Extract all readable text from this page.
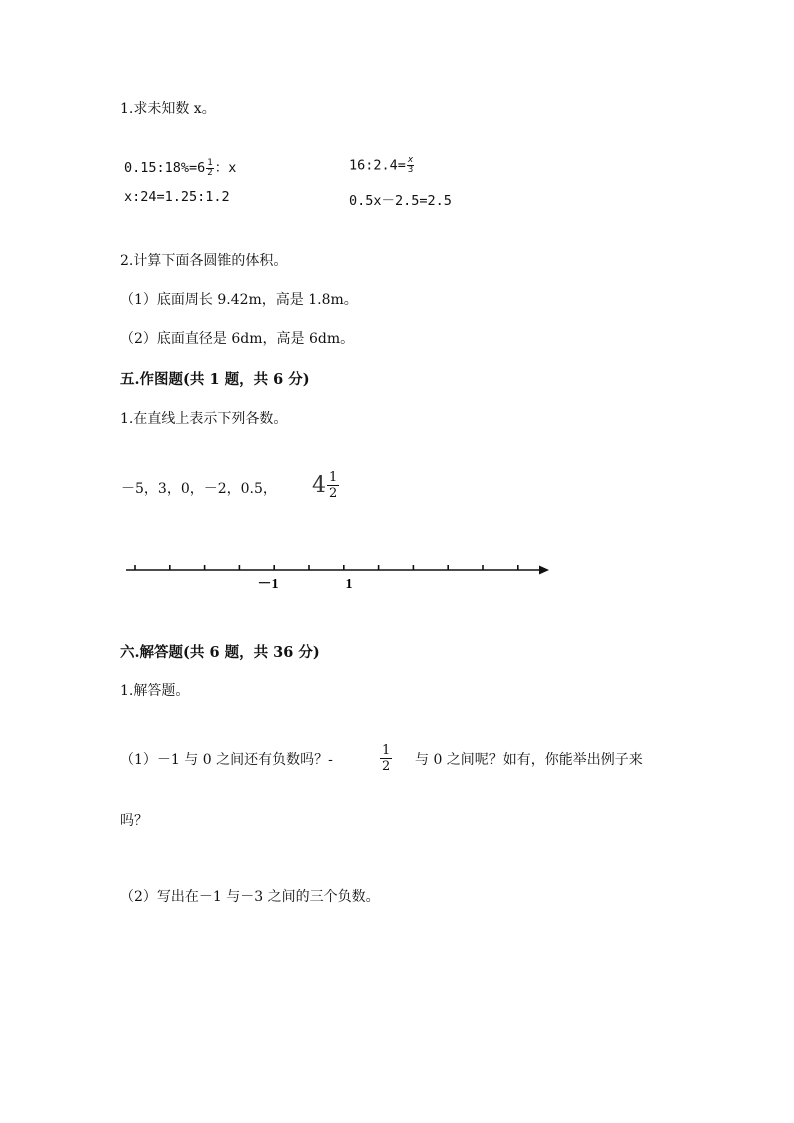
1.求未知数 x。
0.15:18%=6 $\frac{1}{2}$ ：x	16:2.4= $\frac{x}{3}$
x:24=1.25:1.2	0.5x－2.5=2.5
2.计算下面各圆锥的体积。
（1）底面周长 9.42m，高是 1.8m。
（2）底面直径是 6dm，高是 6dm。
五.作图题(共 1 题，共 6 分)
1.在直线上表示下列各数。
－5，3，0，－2，0.5， $4 \frac{1}{2}$
－1	1
六.解答题(共 6 题，共 36 分)
1.解答题。
（1）－1 与 0 之间还有负数吗？-	$\frac{1}{2}$ 与 0 之间呢？如有，你能举出例子来
吗？
（2）写出在－1 与－3 之间的三个负数。
